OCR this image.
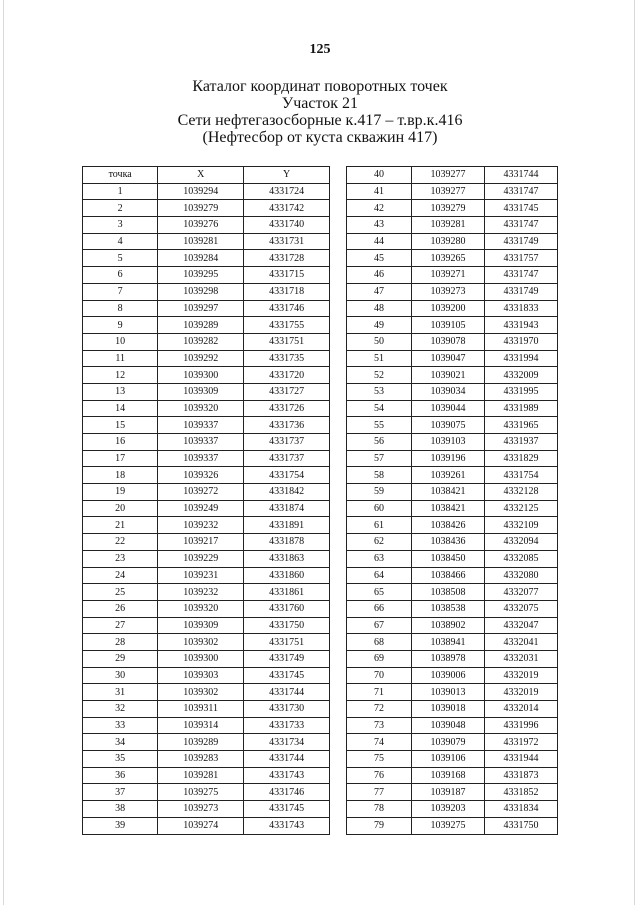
125
Каталог координат поворотных точек
Участок 21
Сети нефтегазосборные к.417 – т.вр.к.416
(Нефтесбор от куста скважин 417)
точка	X	Y
1	1039294	4331724
2	1039279	4331742
3	1039276	4331740
4	1039281	4331731
5	1039284	4331728
6	1039295	4331715
7	1039298	4331718
8	1039297	4331746
9	1039289	4331755
10	1039282	4331751
11	1039292	4331735
12	1039300	4331720
13	1039309	4331727
14	1039320	4331726
15	1039337	4331736
16	1039337	4331737
17	1039337	4331737
18	1039326	4331754
19	1039272	4331842
20	1039249	4331874
21	1039232	4331891
22	1039217	4331878
23	1039229	4331863
24	1039231	4331860
25	1039232	4331861
26	1039320	4331760
27	1039309	4331750
28	1039302	4331751
29	1039300	4331749
30	1039303	4331745
31	1039302	4331744
32	1039311	4331730
33	1039314	4331733
34	1039289	4331734
35	1039283	4331744
36	1039281	4331743
37	1039275	4331746
38	1039273	4331745
39	1039274	4331743
40	1039277	4331744
41	1039277	4331747
42	1039279	4331745
43	1039281	4331747
44	1039280	4331749
45	1039265	4331757
46	1039271	4331747
47	1039273	4331749
48	1039200	4331833
49	1039105	4331943
50	1039078	4331970
51	1039047	4331994
52	1039021	4332009
53	1039034	4331995
54	1039044	4331989
55	1039075	4331965
56	1039103	4331937
57	1039196	4331829
58	1039261	4331754
59	1038421	4332128
60	1038421	4332125
61	1038426	4332109
62	1038436	4332094
63	1038450	4332085
64	1038466	4332080
65	1038508	4332077
66	1038538	4332075
67	1038902	4332047
68	1038941	4332041
69	1038978	4332031
70	1039006	4332019
71	1039013	4332019
72	1039018	4332014
73	1039048	4331996
74	1039079	4331972
75	1039106	4331944
76	1039168	4331873
77	1039187	4331852
78	1039203	4331834
79	1039275	4331750
